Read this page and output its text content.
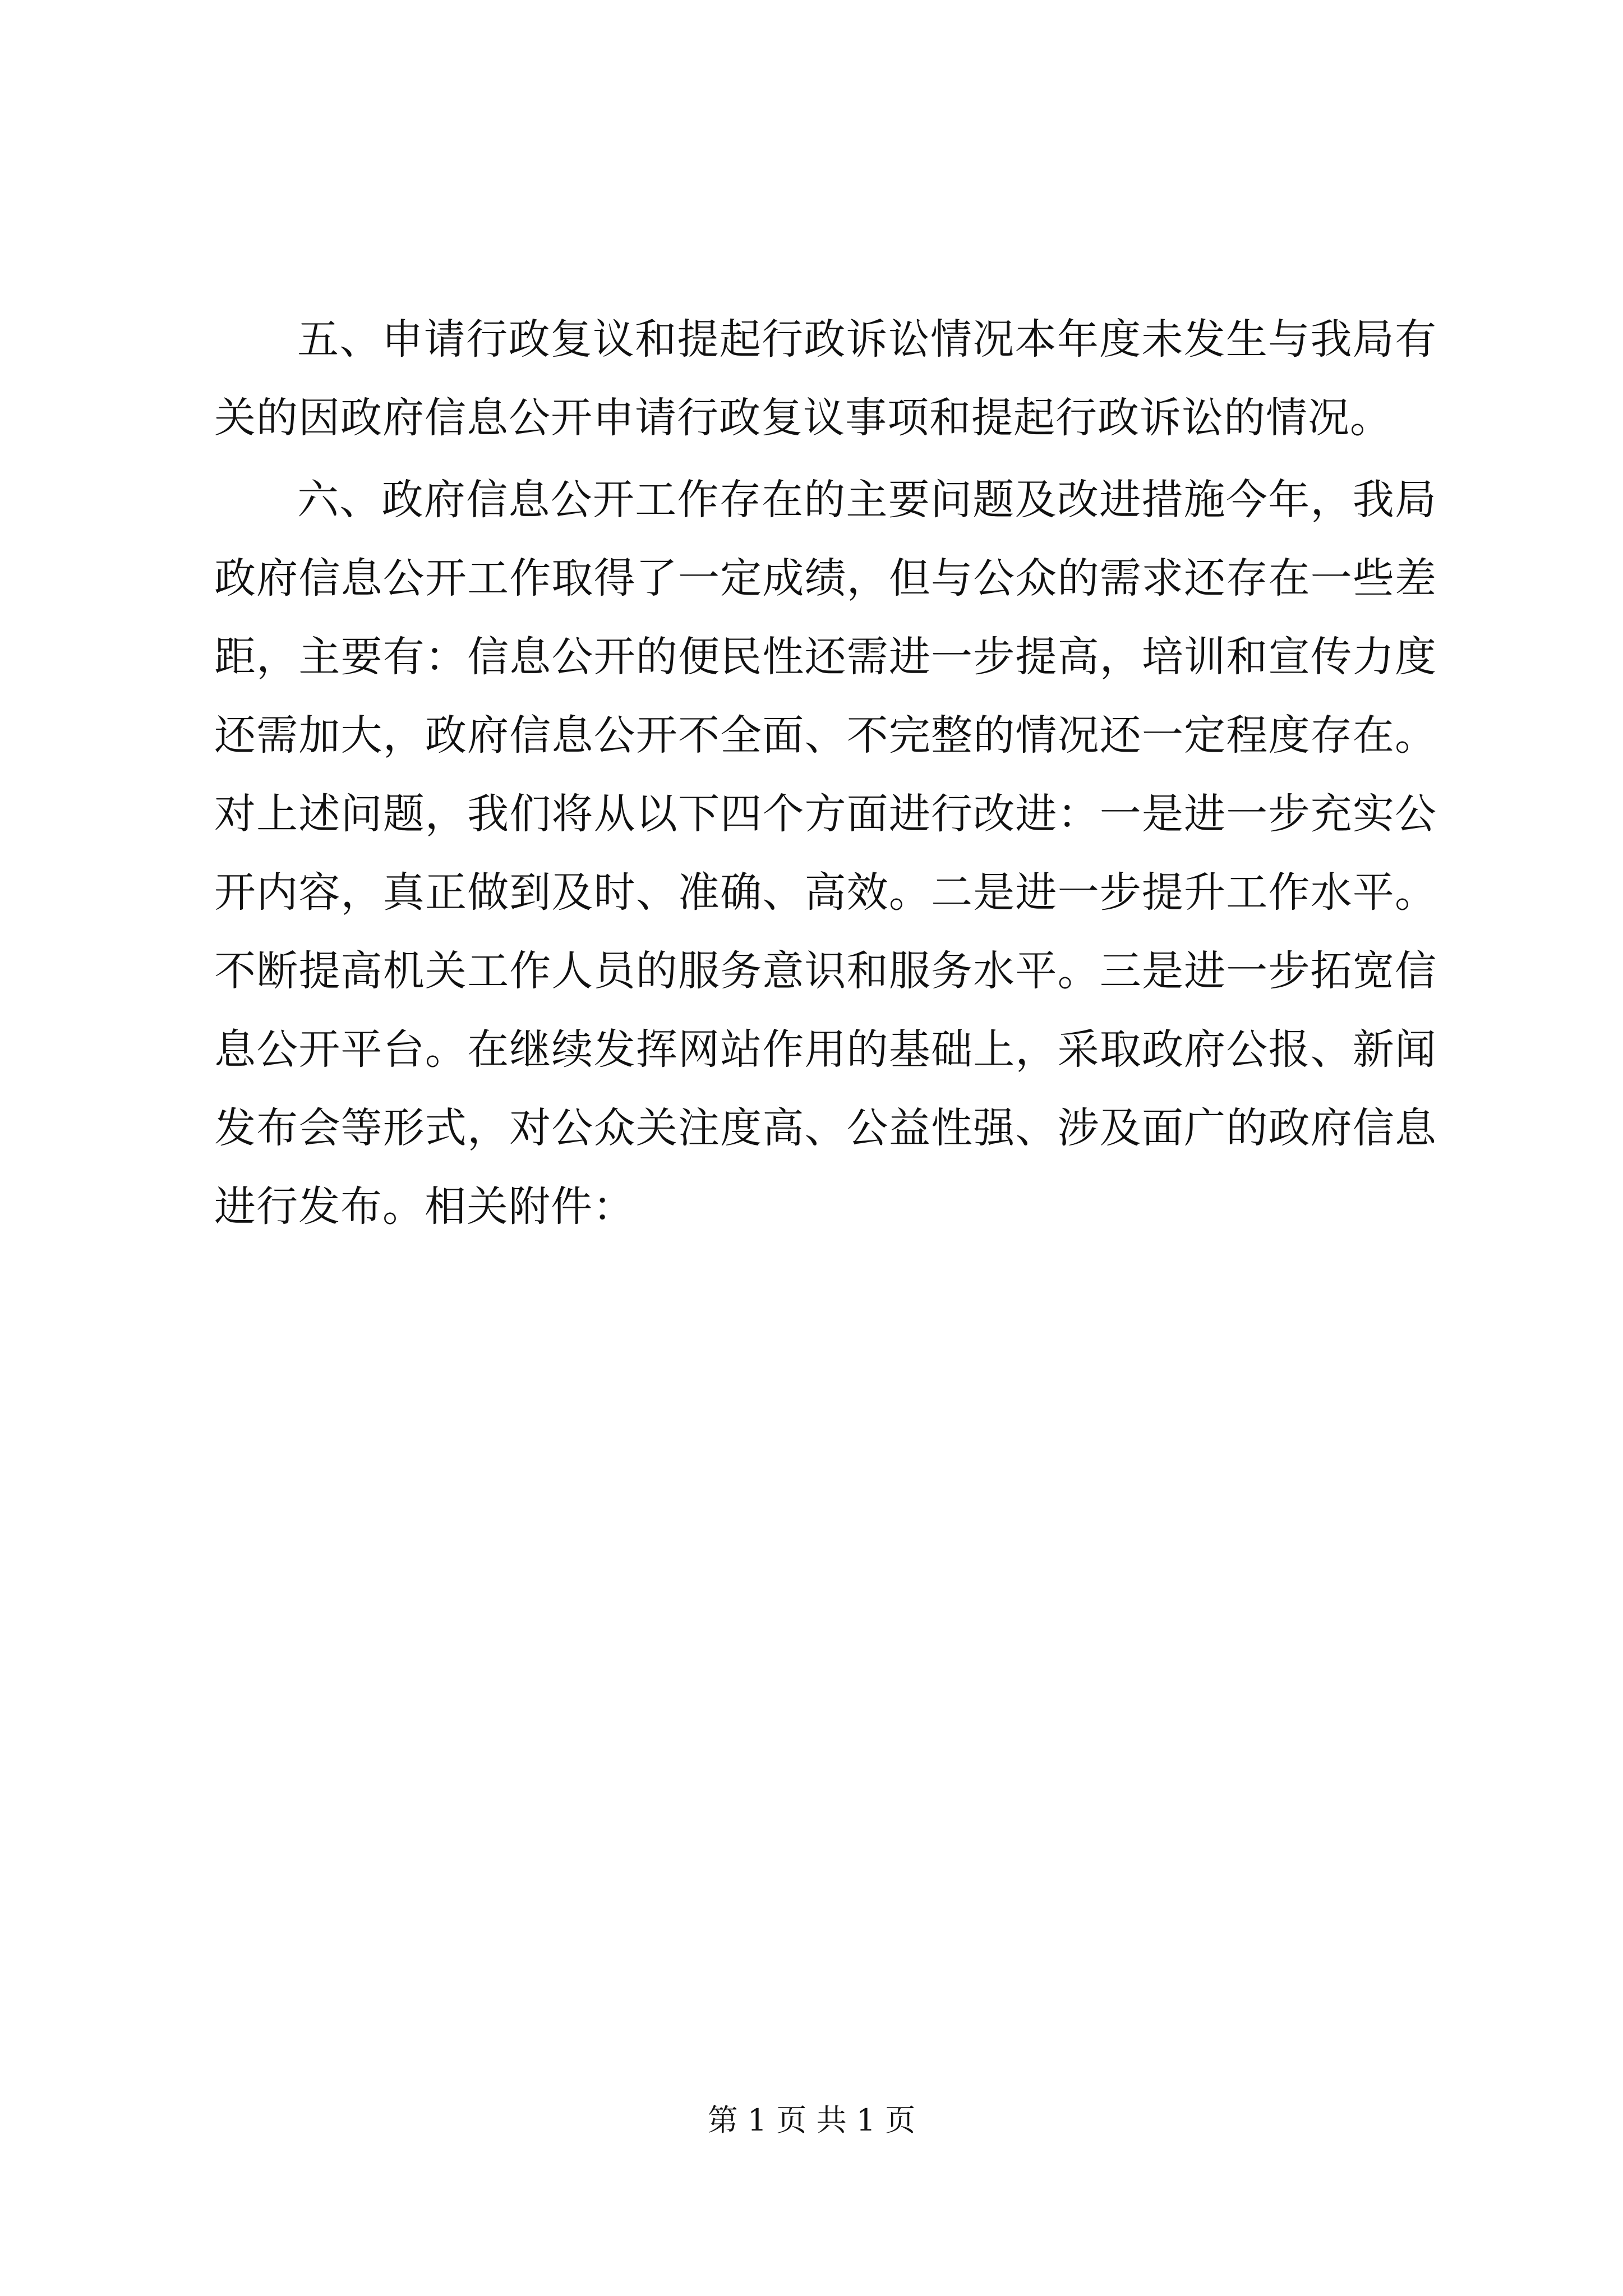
五、申请行政复议和提起行政诉讼情况本年度未发生与我局有关的因政府信息公开申请行政复议事项和提起行政诉讼的情况。

六、政府信息公开工作存在的主要问题及改进措施今年，我局政府信息公开工作取得了一定成绩，但与公众的需求还存在一些差距，主要有：信息公开的便民性还需进一步提高，培训和宣传力度还需加大，政府信息公开不全面、不完整的情况还一定程度存在。对上述问题，我们将从以下四个方面进行改进：一是进一步充实公开内容，真正做到及时、准确、高效。二是进一步提升工作水平。不断提高机关工作人员的服务意识和服务水平。三是进一步拓宽信息公开平台。在继续发挥网站作用的基础上，采取政府公报、新闻发布会等形式，对公众关注度高、公益性强、涉及面广的政府信息进行发布。相关附件：

第 1 页 共 1 页
